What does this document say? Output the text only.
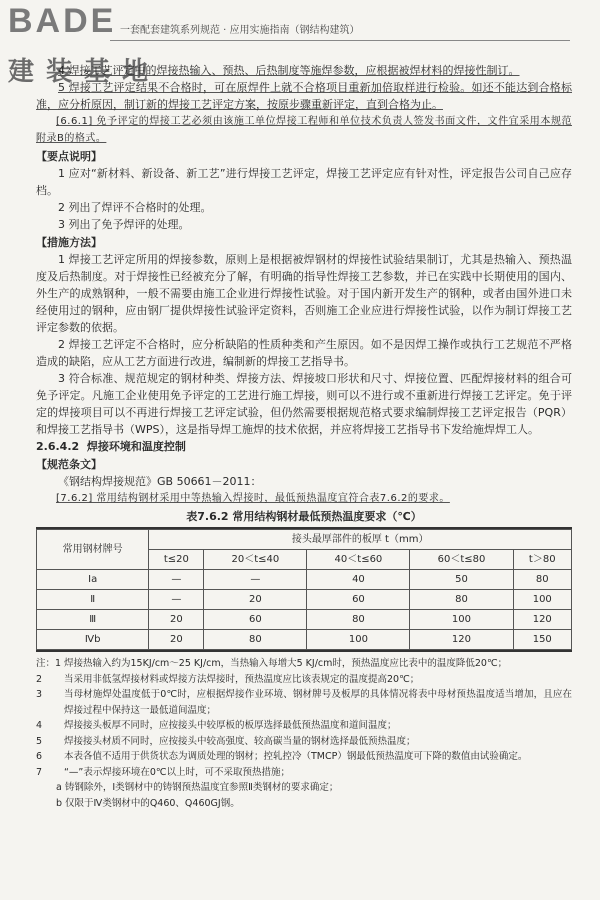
BADE
建装基地
一套配套建筑系列规范 · 应用实施指南（钢结构建筑）

4 焊接工艺评定中的焊接热输入、预热、后热制度等施焊参数，应根据被焊材料的焊接性制订。

5 焊接工艺评定结果不合格时，可在原焊件上就不合格项目重新加倍取样进行检验。如还不能达到合格标准，应分析原因，制订新的焊接工艺评定方案，按原步骤重新评定，直到合格为止。

[6.6.1] 免予评定的焊接工艺必须由该施工单位焊接工程师和单位技术负责人签发书面文件，文件宜采用本规范附录B的格式。

【要点说明】

1 应对“新材料、新设备、新工艺”进行焊接工艺评定，焊接工艺评定应有针对性，评定报告公司自己应存档。

2 列出了焊评不合格时的处理。

3 列出了免予焊评的处理。

【措施方法】

1 焊接工艺评定所用的焊接参数，原则上是根据被焊钢材的焊接性试验结果制订，尤其是热输入、预热温度及后热制度。对于焊接性已经被充分了解，有明确的指导性焊接工艺参数，并已在实践中长期使用的国内、外生产的成熟钢种，一般不需要由施工企业进行焊接性试验。对于国内新开发生产的钢种，或者由国外进口未经使用过的钢种，应由钢厂提供焊接性试验评定资料，否则施工企业应进行焊接性试验，以作为制订焊接工艺评定参数的依据。

2 焊接工艺评定不合格时，应分析缺陷的性质种类和产生原因。如不是因焊工操作或执行工艺规范不严格造成的缺陷，应从工艺方面进行改进，编制新的焊接工艺指导书。

3 符合标准、规范规定的钢材种类、焊接方法、焊接坡口形状和尺寸、焊接位置、匹配焊接材料的组合可免予评定。凡施工企业使用免予评定的工艺进行施工焊接，则可以不进行或不重新进行焊接工艺评定。免于评定的焊接项目可以不再进行焊接工艺评定试验，但仍然需要根据规范格式要求编制焊接工艺评定报告（PQR）和焊接工艺指导书（WPS），这是指导焊工施焊的技术依据，并应将焊接工艺指导书下发给施焊焊工人。

2.6.4.2 焊接环境和温度控制

【规范条文】

《钢结构焊接规范》GB 50661－2011：

[7.6.2] 常用结构钢材采用中等热输入焊接时，最低预热温度宜符合表7.6.2的要求。

表7.6.2 常用结构钢材最低预热温度要求（℃）

常用钢材牌号	接头最厚部件的板厚 t（mm）				
	t≤20	20＜t≤40	40＜t≤60	60＜t≤80	t＞80
Ⅰa	—	—	40	50	80
Ⅱ	—	20	60	80	100
Ⅲ	20	60	80	100	120
Ⅳb	20	80	100	120	150

注：1 焊接热输入约为15KJ/cm～25 KJ/cm，当热输入每增大5 KJ/cm时，预热温度应比表中的温度降低20℃；

2 当采用非低氢焊接材料或焊接方法焊接时，预热温度应比该表规定的温度提高20℃；

3 当母材施焊处温度低于0℃时，应根据焊接作业环境、钢材牌号及板厚的具体情况将表中母材预热温度适当增加，且应在焊接过程中保持这一最低道间温度；

4 焊接接头板厚不同时，应按接头中较厚板的板厚选择最低预热温度和道间温度；

5 焊接接头材质不同时，应按接头中较高强度、较高碳当量的钢材选择最低预热温度；

6 本表各值不适用于供货状态为调质处理的钢材；控轧控冷（TMCP）钢最低预热温度可下降的数值由试验确定。

7 “—”表示焊接环境在0℃以上时，可不采取预热措施；

a 铸钢除外，Ⅰ类钢材中的铸钢预热温度宜参照Ⅱ类钢材的要求确定；

b 仅限于Ⅳ类钢材中的Q460、Q460GJ钢。
